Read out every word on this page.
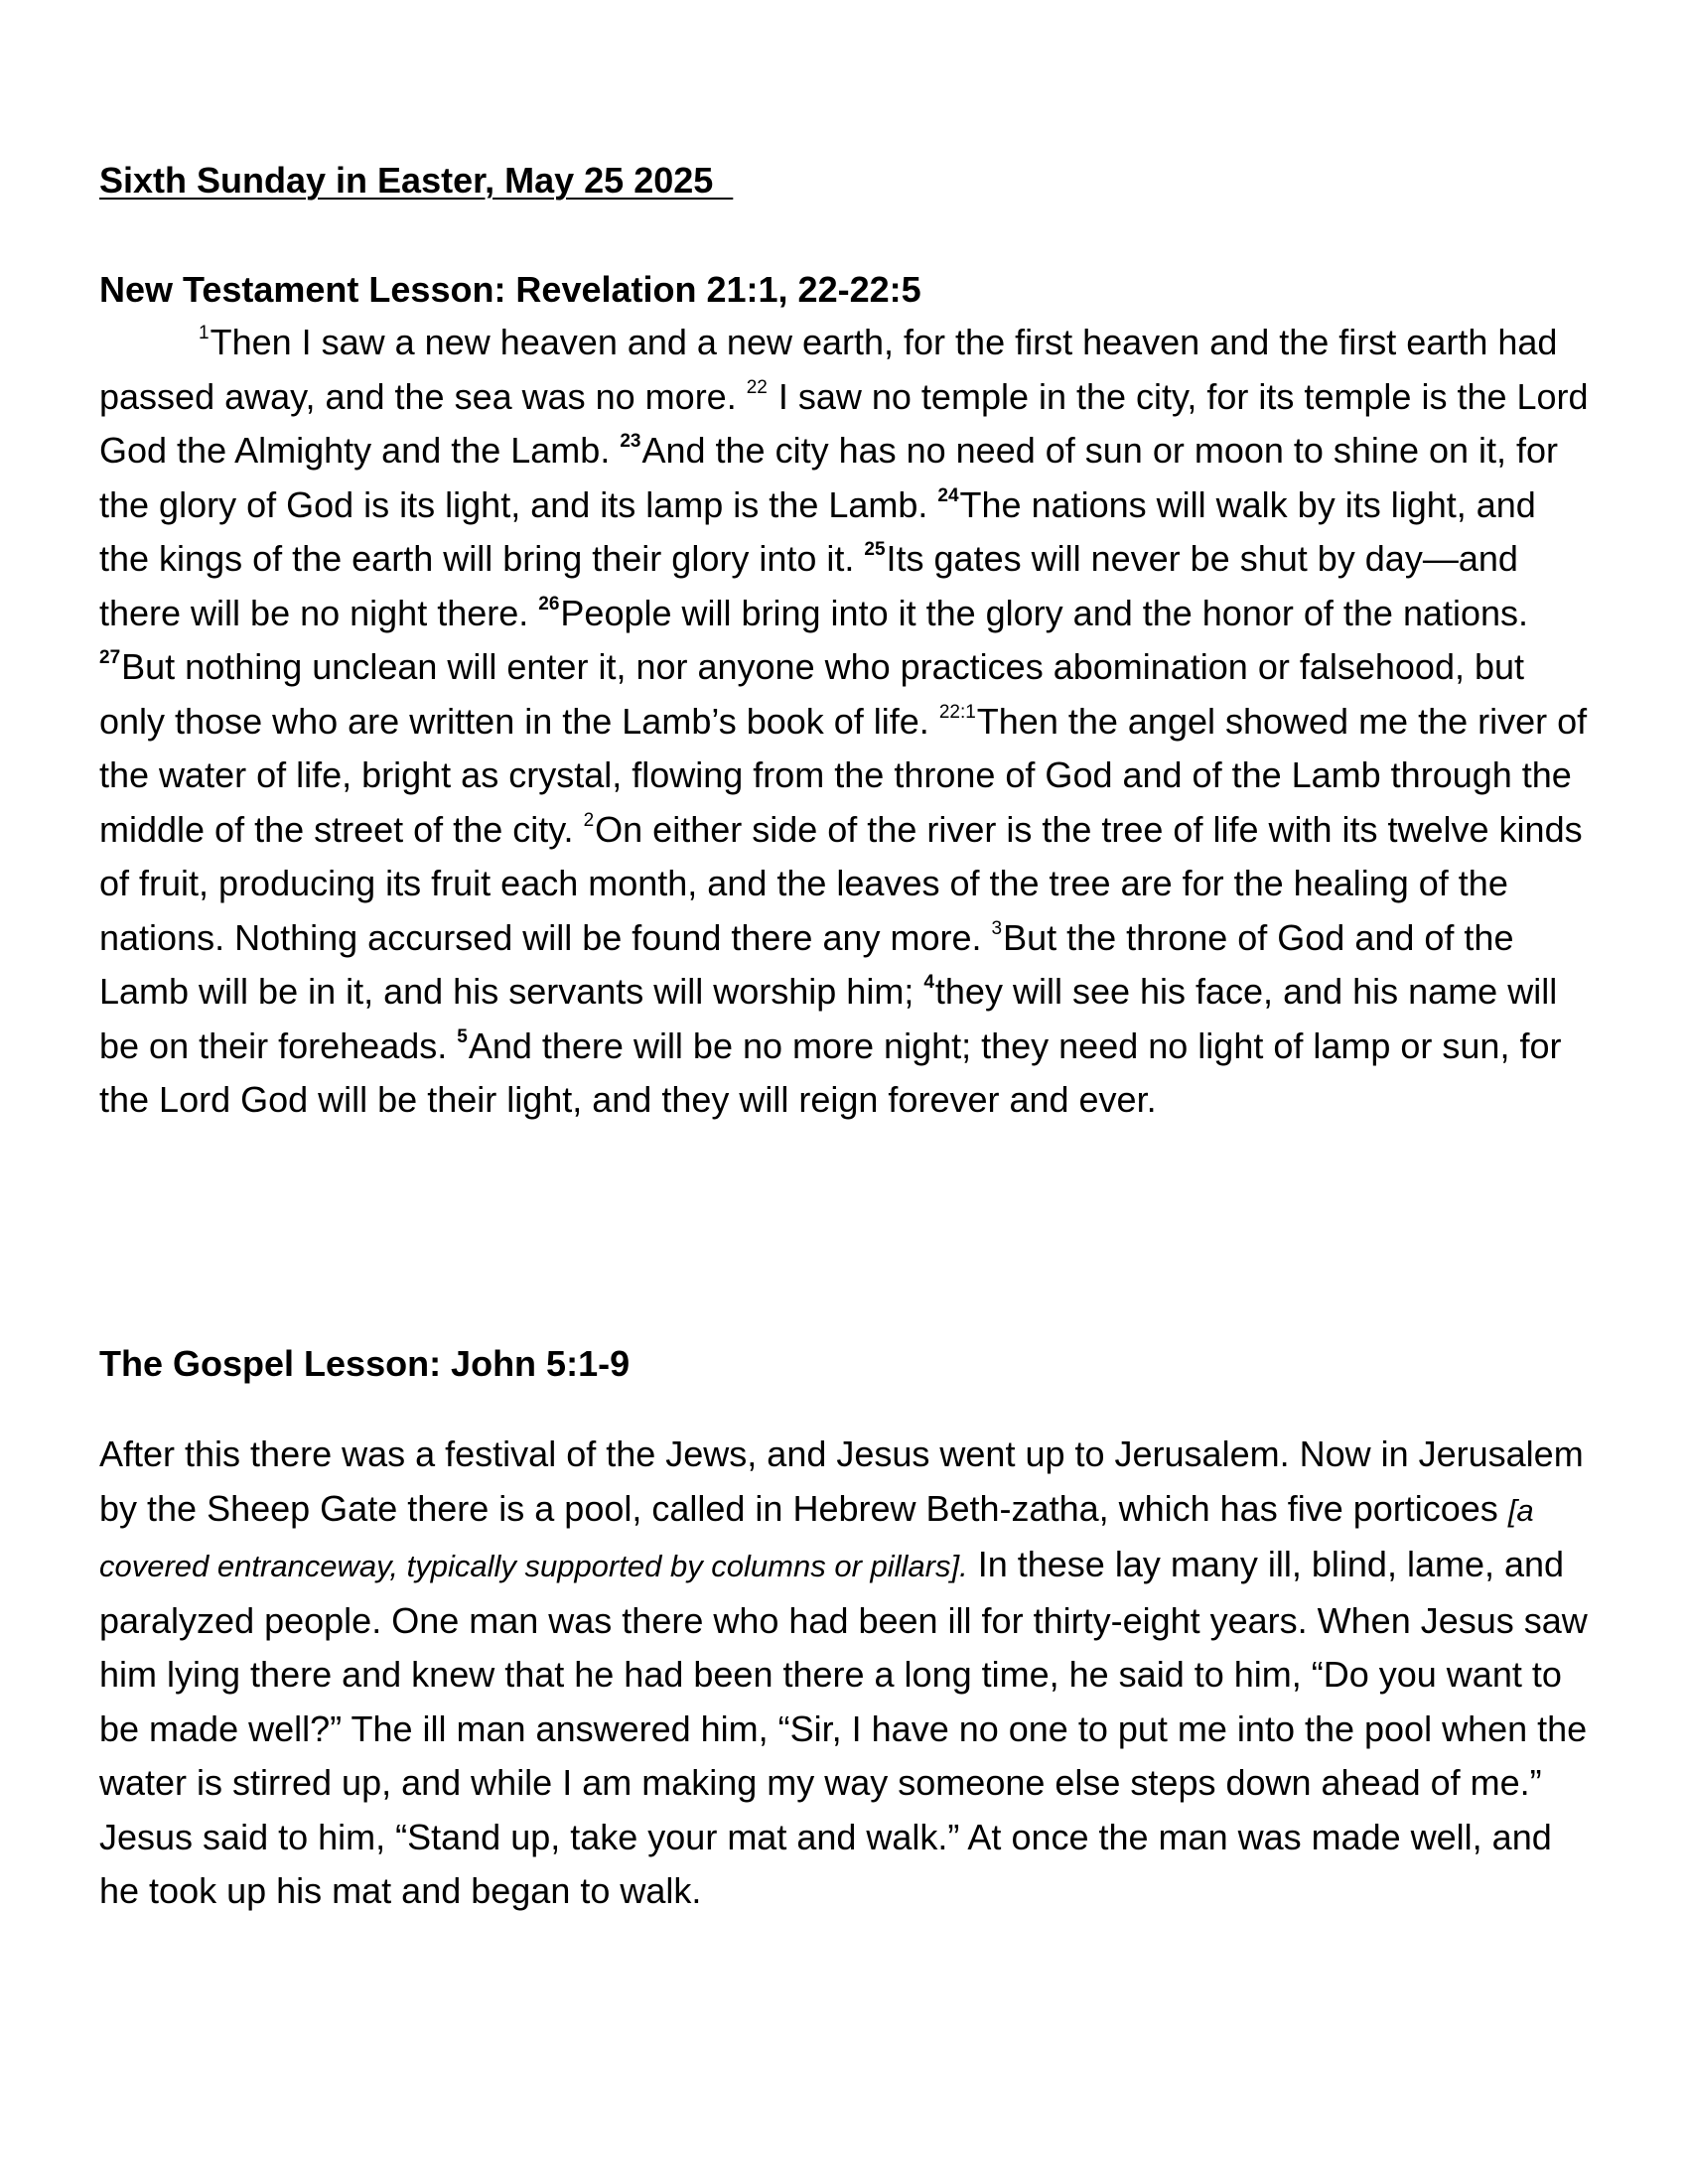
Sixth Sunday in Easter, May 25 2025
New Testament Lesson: Revelation 21:1, 22-22:5
$^1$Then I saw a new heaven and a new earth, for the first heaven and the first earth had passed away, and the sea was no more. $^{22}$ I saw no temple in the city, for its temple is the Lord God the Almighty and the Lamb. $^{23}$And the city has no need of sun or moon to shine on it, for the glory of God is its light, and its lamp is the Lamb. $^{24}$The nations will walk by its light, and the kings of the earth will bring their glory into it. $^{25}$Its gates will never be shut by day—and there will be no night there. $^{26}$People will bring into it the glory and the honor of the nations. $^{27}$But nothing unclean will enter it, nor anyone who practices abomination or falsehood, but only those who are written in the Lamb’s book of life. $^{22:1}$Then the angel showed me the river of the water of life, bright as crystal, flowing from the throne of God and of the Lamb through the middle of the street of the city. $^2$On either side of the river is the tree of life with its twelve kinds of fruit, producing its fruit each month, and the leaves of the tree are for the healing of the nations. Nothing accursed will be found there any more. $^3$But the throne of God and of the Lamb will be in it, and his servants will worship him; $^4$they will see his face, and his name will be on their foreheads. $^5$And there will be no more night; they need no light of lamp or sun, for the Lord God will be their light, and they will reign forever and ever.
The Gospel Lesson: John 5:1-9
After this there was a festival of the Jews, and Jesus went up to Jerusalem. Now in Jerusalem by the Sheep Gate there is a pool, called in Hebrew Beth-zatha, which has five porticoes [a covered entranceway, typically supported by columns or pillars]. In these lay many ill, blind, lame, and paralyzed people. One man was there who had been ill for thirty-eight years. When Jesus saw him lying there and knew that he had been there a long time, he said to him, “Do you want to be made well?” The ill man answered him, “Sir, I have no one to put me into the pool when the water is stirred up, and while I am making my way someone else steps down ahead of me.” Jesus said to him, “Stand up, take your mat and walk.” At once the man was made well, and he took up his mat and began to walk.
